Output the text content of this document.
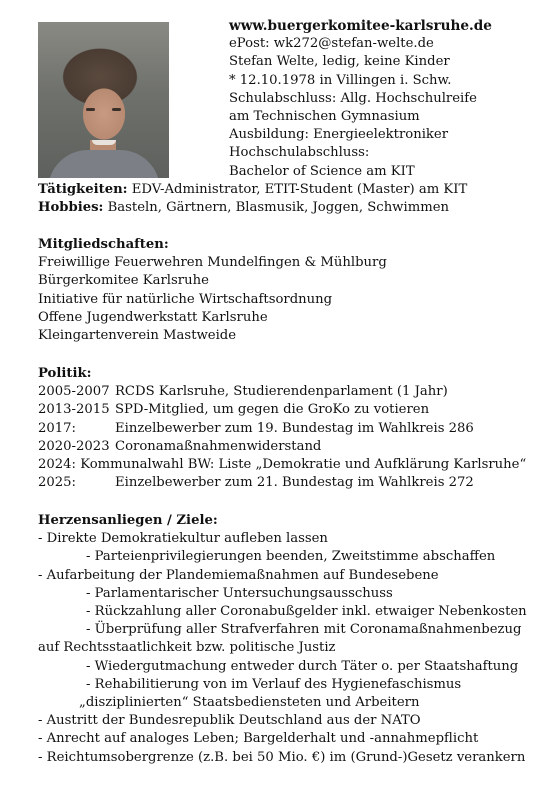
www.buergerkomitee-karlsruhe.de
ePost: wk272@stefan-welte.de
Stefan Welte, ledig, keine Kinder
* 12.10.1978 in Villingen i. Schw.
Schulabschluss: Allg. Hochschulreife
am Technischen Gymnasium
Ausbildung: Energieelektroniker
Hochschulabschluss:
Bachelor of Science am KIT
Tätigkeiten: EDV-Administrator, ETIT-Student (Master) am KIT
Hobbies: Basteln, Gärtnern, Blasmusik, Joggen, Schwimmen
Mitgliedschaften:
Freiwillige Feuerwehren Mundelfingen & Mühlburg
Bürgerkomitee Karlsruhe
Initiative für natürliche Wirtschaftsordnung
Offene Jugendwerkstatt Karlsruhe
Kleingartenverein Mastweide
Politik:
2005-2007 RCDS Karlsruhe, Studierendenparlament (1 Jahr)
2013-2015 SPD-Mitglied, um gegen die GroKo zu votieren
2017:	Einzelbewerber zum 19. Bundestag im Wahlkreis 286
2020-2023 Coronamaßnahmenwiderstand
2024: Kommunalwahl BW: Liste „Demokratie und Aufklärung Karlsruhe“
2025:	Einzelbewerber zum 21. Bundestag im Wahlkreis 272
Herzensanliegen / Ziele:
- Direkte Demokratiekultur aufleben lassen
- Parteienprivilegierungen beenden, Zweitstimme abschaffen
- Aufarbeitung der Plandemiemaßnahmen auf Bundesebene
- Parlamentarischer Untersuchungsausschuss
- Rückzahlung aller Coronabußgelder inkl. etwaiger Nebenkosten
- Überprüfung aller Strafverfahren mit Coronamaßnahmenbezug
auf Rechtsstaatlichkeit bzw. politische Justiz
- Wiedergutmachung entweder durch Täter o. per Staatshaftung
- Rehabilitierung von im Verlauf des Hygienefaschismus
„disziplinierten“ Staatsbediensteten und Arbeitern
- Austritt der Bundesrepublik Deutschland aus der NATO
- Anrecht auf analoges Leben; Bargelderhalt und -annahmepflicht
- Reichtumsobergrenze (z.B. bei 50 Mio. €) im (Grund-)Gesetz verankern
